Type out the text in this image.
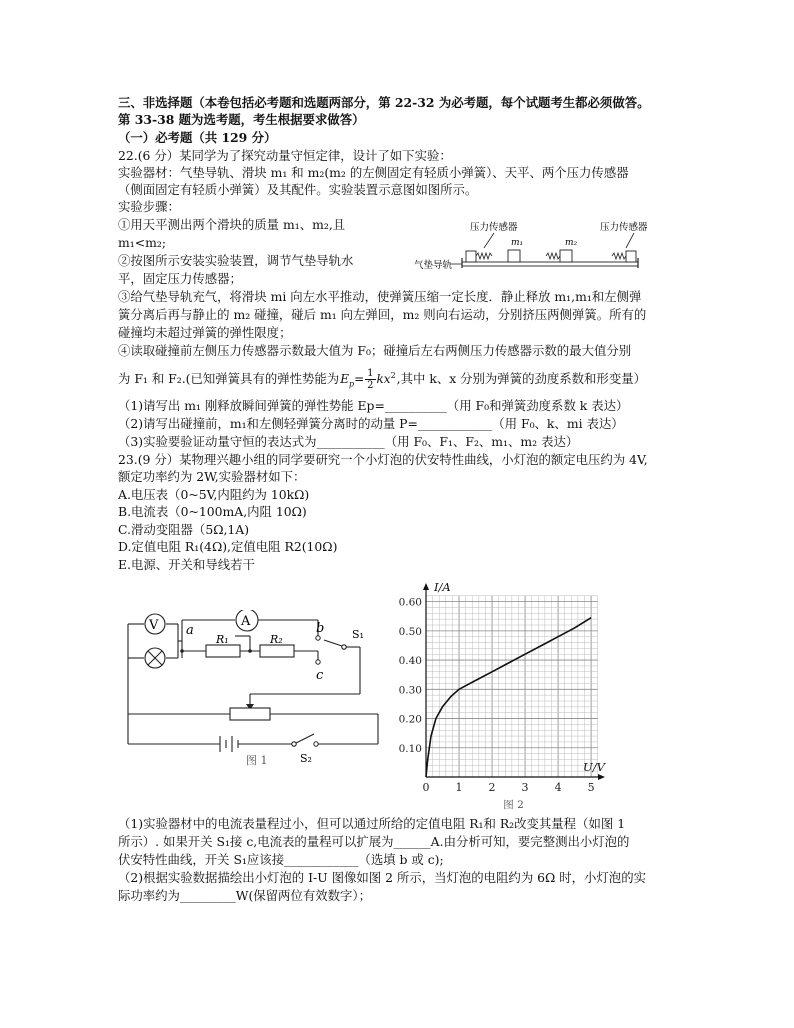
三、非选择题（本卷包括必考题和选题两部分，第 22-32 为必考题，每个试题考生都必须做答。
第 33-38 题为选考题，考生根据要求做答）
（一）必考题（共 129 分）
22.(6 分）某同学为了探究动量守恒定律，设计了如下实验：
实验器材：气垫导轨、滑块 m₁ 和 m₂(m₂ 的左侧固定有轻质小弹簧）、天平、两个压力传感器
（侧面固定有轻质小弹簧）及其配件。实验装置示意图如图所示。
实验步骤：
①用天平测出两个滑块的质量 m₁、m₂,且
m₁<m₂;
②按图所示安装实验装置，调节气垫导轨水
平，固定压力传感器；
压力传感器	压力传感器
m₁	m₂
气垫导轨
③给气垫导轨充气，将滑块 mi 向左水平推动，使弹簧压缩一定长度．静止释放 m₁,m₁和左侧弹
簧分离后再与静止的 m₂ 碰撞，碰后 m₁ 向左弹回，m₂ 则向右运动，分别挤压两侧弹簧。所有的
碰撞均未超过弹簧的弹性限度；
④读取碰撞前左侧压力传感器示数最大值为 F₀；碰撞后左右两侧压力传感器示数的最大值分别
为 F₁ 和 F₂.(已知弹簧具有的弹性势能为$E_p= \frac{1}{2} kx^2$,其中 k、x 分别为弹簧的劲度系数和形变量）
（1)请写出 m₁ 刚释放瞬间弹簧的弹性势能 Ep=__________（用 F₀和弹簧劲度系数 k 表达）
（2)请写出碰撞前，m₁和左侧轻弹簧分离时的动量 P=____________（用 F₀、k、mi 表达）
（3)实验要验证动量守恒的表达式为___________（用 F₀、F₁、F₂、m₁、m₂ 表达）
23.(9 分）某物理兴趣小组的同学要研究一个小灯泡的伏安特性曲线，小灯泡的额定电压约为 4V,
额定功率约为 2W,实验器材如下：
A.电压表（0~5V,内阻约为 10kΩ)
B.电流表（0~100mA,内阻 10Ω)
C.滑动变阻器（5Ω,1A)
D.定值电阻 R₁(4Ω),定值电阻 R2(10Ω)
E.电源、开关和导线若干
V	A
a	b
c
S₁
S₂
R₁	R₂
图 1
0 1 2 3 4 5
0.10
0.20
0.30
0.40
0.50
0.60
U/V
I/A
图 2
（1)实验器材中的电流表量程过小，但可以通过所给的定值电阻 R₁和 R₂改变其量程（如图 1
所示）. 如果开关 S₁接 c,电流表的量程可以扩展为______A.由分析可知，要完整测出小灯泡的
伏安特性曲线，开关 S₁应该接____________（选填 b 或 c);
（2)根据实验数据描绘出小灯泡的 I-U 图像如图 2 所示，当灯泡的电阻约为 6Ω 时，小灯泡的实
际功率约为_________W(保留两位有效数字）；
